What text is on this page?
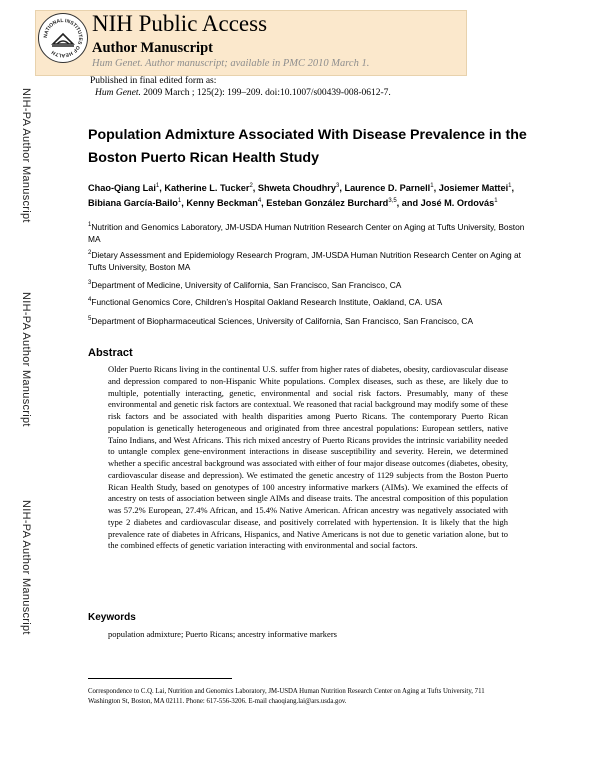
NATIONAL INSTITUTES OF HEALTH
NIH Public Access
Author Manuscript
Hum Genet. Author manuscript; available in PMC 2010 March 1.
Published in final edited form as:
Hum Genet. 2009 March ; 125(2): 199–209. doi:10.1007/s00439-008-0612-7.
NIH-PA Author Manuscript
NIH-PA Author Manuscript
NIH-PA Author Manuscript
Population Admixture Associated With Disease Prevalence in the Boston Puerto Rican Health Study
Chao-Qiang Lai$^1$, Katherine L. Tucker$^2$, Shweta Choudhry$^3$, Laurence D. Parnell$^1$, Josiemer Mattei$^1$, Bibiana García-Bailo$^1$, Kenny Beckman$^4$, Esteban González Burchard$^{3,5}$, and José M. Ordovás$^1$
$^1$Nutrition and Genomics Laboratory, JM-USDA Human Nutrition Research Center on Aging at Tufts University, Boston MA
$^2$Dietary Assessment and Epidemiology Research Program, JM-USDA Human Nutrition Research Center on Aging at Tufts University, Boston MA
$^3$Department of Medicine, University of California, San Francisco, San Francisco, CA
$^4$Functional Genomics Core, Children’s Hospital Oakland Research Institute, Oakland, CA. USA
$^5$Department of Biopharmaceutical Sciences, University of California, San Francisco, San Francisco, CA
Abstract
Older Puerto Ricans living in the continental U.S. suffer from higher rates of diabetes, obesity, cardiovascular disease and depression compared to non-Hispanic White populations. Complex diseases, such as these, are likely due to multiple, potentially interacting, genetic, environmental and social risk factors. Presumably, many of these environmental and genetic risk factors are contextual. We reasoned that racial background may modify some of these risk factors and be associated with health disparities among Puerto Ricans. The contemporary Puerto Rican population is genetically heterogeneous and originated from three ancestral populations: European settlers, native Taíno Indians, and West Africans. This rich mixed ancestry of Puerto Ricans provides the intrinsic variability needed to untangle complex gene-environment interactions in disease susceptibility and severity. Herein, we determined whether a specific ancestral background was associated with either of four major disease outcomes (diabetes, obesity, cardiovascular disease and depression). We estimated the genetic ancestry of 1129 subjects from the Boston Puerto Rican Health Study, based on genotypes of 100 ancestry informative markers (AIMs). We examined the effects of ancestry on tests of association between single AIMs and disease traits. The ancestral composition of this population was 57.2% European, 27.4% African, and 15.4% Native American. African ancestry was negatively associated with type 2 diabetes and cardiovascular disease, and positively correlated with hypertension. It is likely that the high prevalence rate of diabetes in Africans, Hispanics, and Native Americans is not due to genetic variation alone, but to the combined effects of genetic variation interacting with environmental and social factors.
Keywords
population admixture; Puerto Ricans; ancestry informative markers
Correspondence to C.Q. Lai, Nutrition and Genomics Laboratory, JM-USDA Human Nutrition Research Center on Aging at Tufts University, 711 Washington St, Boston, MA 02111. Phone: 617-556-3206. E-mail chaoqiang.lai@ars.usda.gov.
